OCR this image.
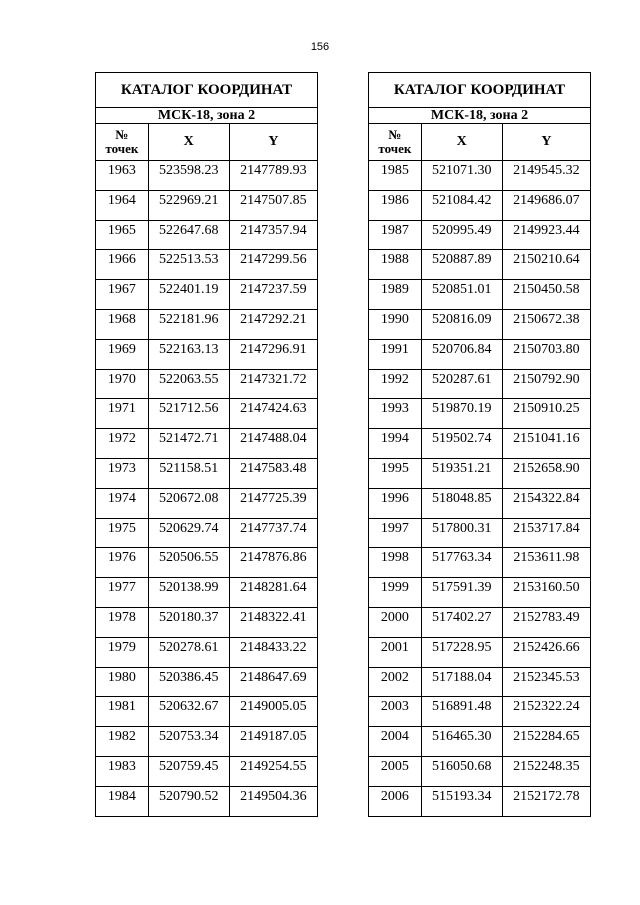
156
КАТАЛОГ КООРДИНАТ		
МСК-18, зона 2		

№
точек	X	Y
1963	523598.23	2147789.93
1964	522969.21	2147507.85
1965	522647.68	2147357.94
1966	522513.53	2147299.56
1967	522401.19	2147237.59
1968	522181.96	2147292.21
1969	522163.13	2147296.91
1970	522063.55	2147321.72
1971	521712.56	2147424.63
1972	521472.71	2147488.04
1973	521158.51	2147583.48
1974	520672.08	2147725.39
1975	520629.74	2147737.74
1976	520506.55	2147876.86
1977	520138.99	2148281.64
1978	520180.37	2148322.41
1979	520278.61	2148433.22
1980	520386.45	2148647.69
1981	520632.67	2149005.05
1982	520753.34	2149187.05
1983	520759.45	2149254.55
1984	520790.52	2149504.36
КАТАЛОГ КООРДИНАТ		
МСК-18, зона 2		

№
точек	X	Y
1985	521071.30	2149545.32
1986	521084.42	2149686.07
1987	520995.49	2149923.44
1988	520887.89	2150210.64
1989	520851.01	2150450.58
1990	520816.09	2150672.38
1991	520706.84	2150703.80
1992	520287.61	2150792.90
1993	519870.19	2150910.25
1994	519502.74	2151041.16
1995	519351.21	2152658.90
1996	518048.85	2154322.84
1997	517800.31	2153717.84
1998	517763.34	2153611.98
1999	517591.39	2153160.50
2000	517402.27	2152783.49
2001	517228.95	2152426.66
2002	517188.04	2152345.53
2003	516891.48	2152322.24
2004	516465.30	2152284.65
2005	516050.68	2152248.35
2006	515193.34	2152172.78
